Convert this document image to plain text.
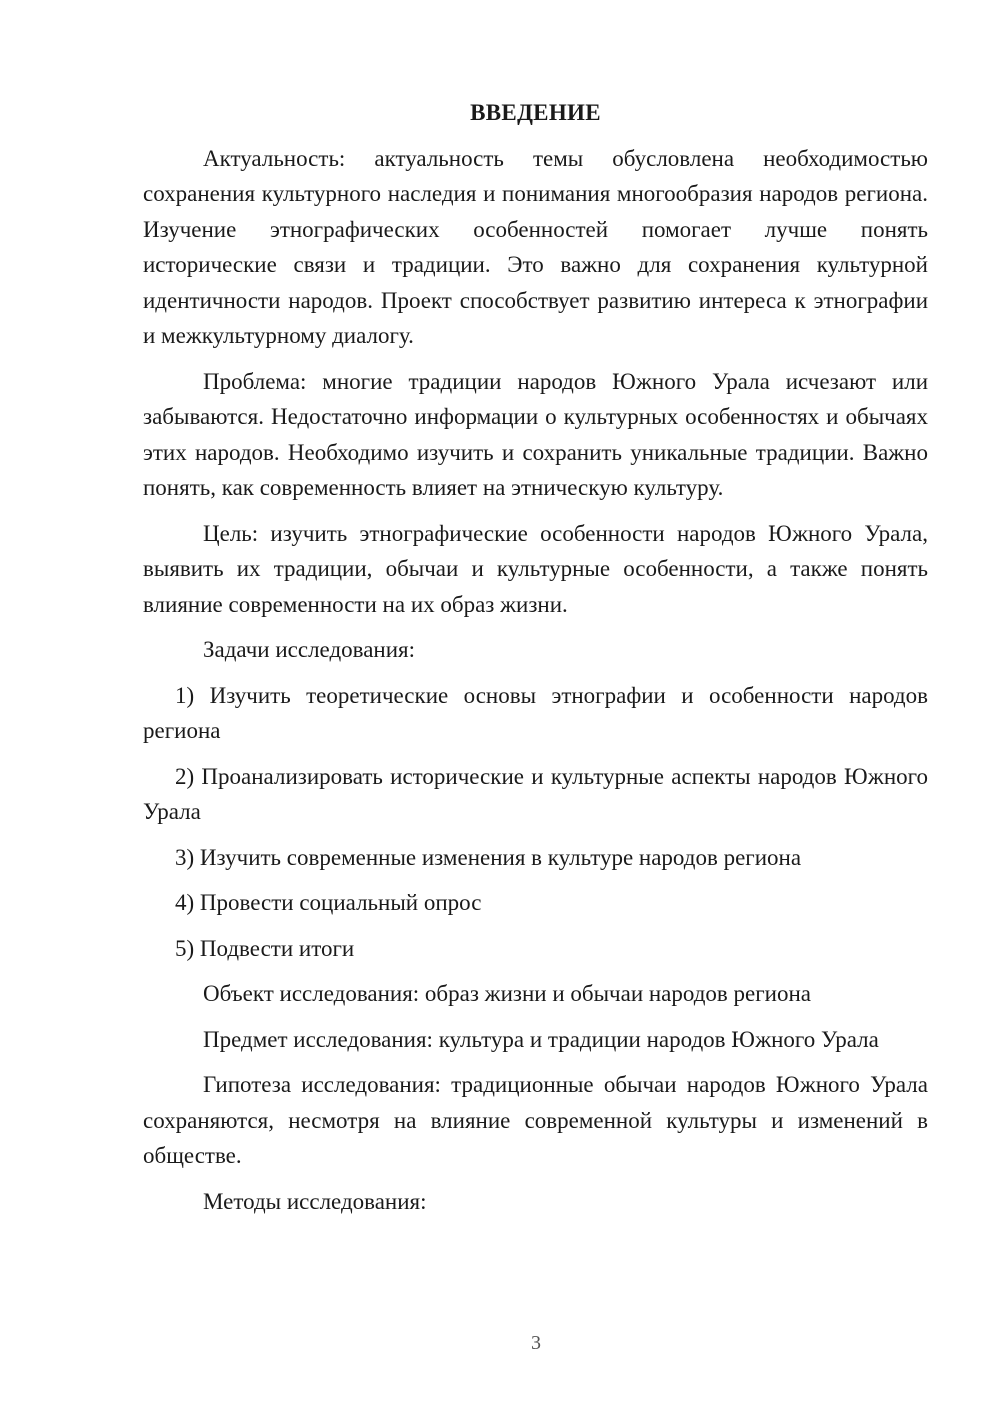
ВВЕДЕНИЕ
Актуальность: актуальность темы обусловлена необходимостью сохранения культурного наследия и понимания многообразия народов региона. Изучение этнографических особенностей помогает лучше понять исторические связи и традиции. Это важно для сохранения культурной идентичности народов. Проект способствует развитию интереса к этнографии и межкультурному диалогу.
Проблема: многие традиции народов Южного Урала исчезают или забываются. Недостаточно информации о культурных особенностях и обычаях этих народов. Необходимо изучить и сохранить уникальные традиции. Важно понять, как современность влияет на этническую культуру.
Цель: изучить этнографические особенности народов Южного Урала, выявить их традиции, обычаи и культурные особенности, а также понять влияние современности на их образ жизни.
Задачи исследования:
1) Изучить теоретические основы этнографии и особенности народов региона
2) Проанализировать исторические и культурные аспекты народов Южного Урала
3) Изучить современные изменения в культуре народов региона
4) Провести социальный опрос
5) Подвести итоги
Объект исследования: образ жизни и обычаи народов региона
Предмет исследования: культура и традиции народов Южного Урала
Гипотеза исследования: традиционные обычаи народов Южного Урала сохраняются, несмотря на влияние современной культуры и изменений в обществе.
Методы исследования:
3
